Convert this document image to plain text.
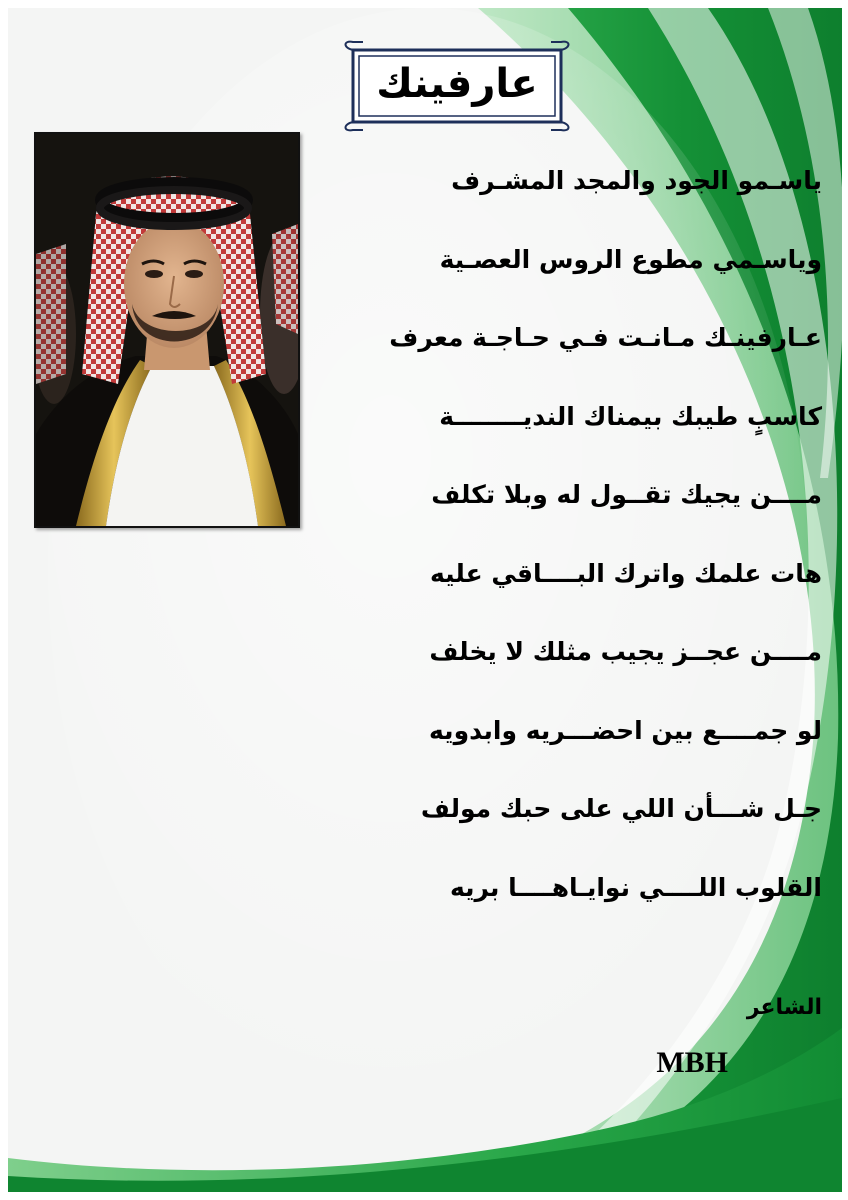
عارفينك
ياسـمو الجود والمجد المشـرف
وياسـمي مطوع الروس العصـية
عـارفينـك مـانـت فـي حـاجـة معرف
كاسبٍ طيبك بيمناك النديــــــــة
مــــن يجيك تقــول له وبلا تكلف
هات علمك واترك البــــاقي عليه
مــــن عجــز يجيب مثلك لا يخلف
لو جمــــع بين احضـــريه وابدويه
جـل شـــأن اللي على حبك مولف
القلوب اللــــي نوايـاهــــا بريه
الشاعر
MBH
